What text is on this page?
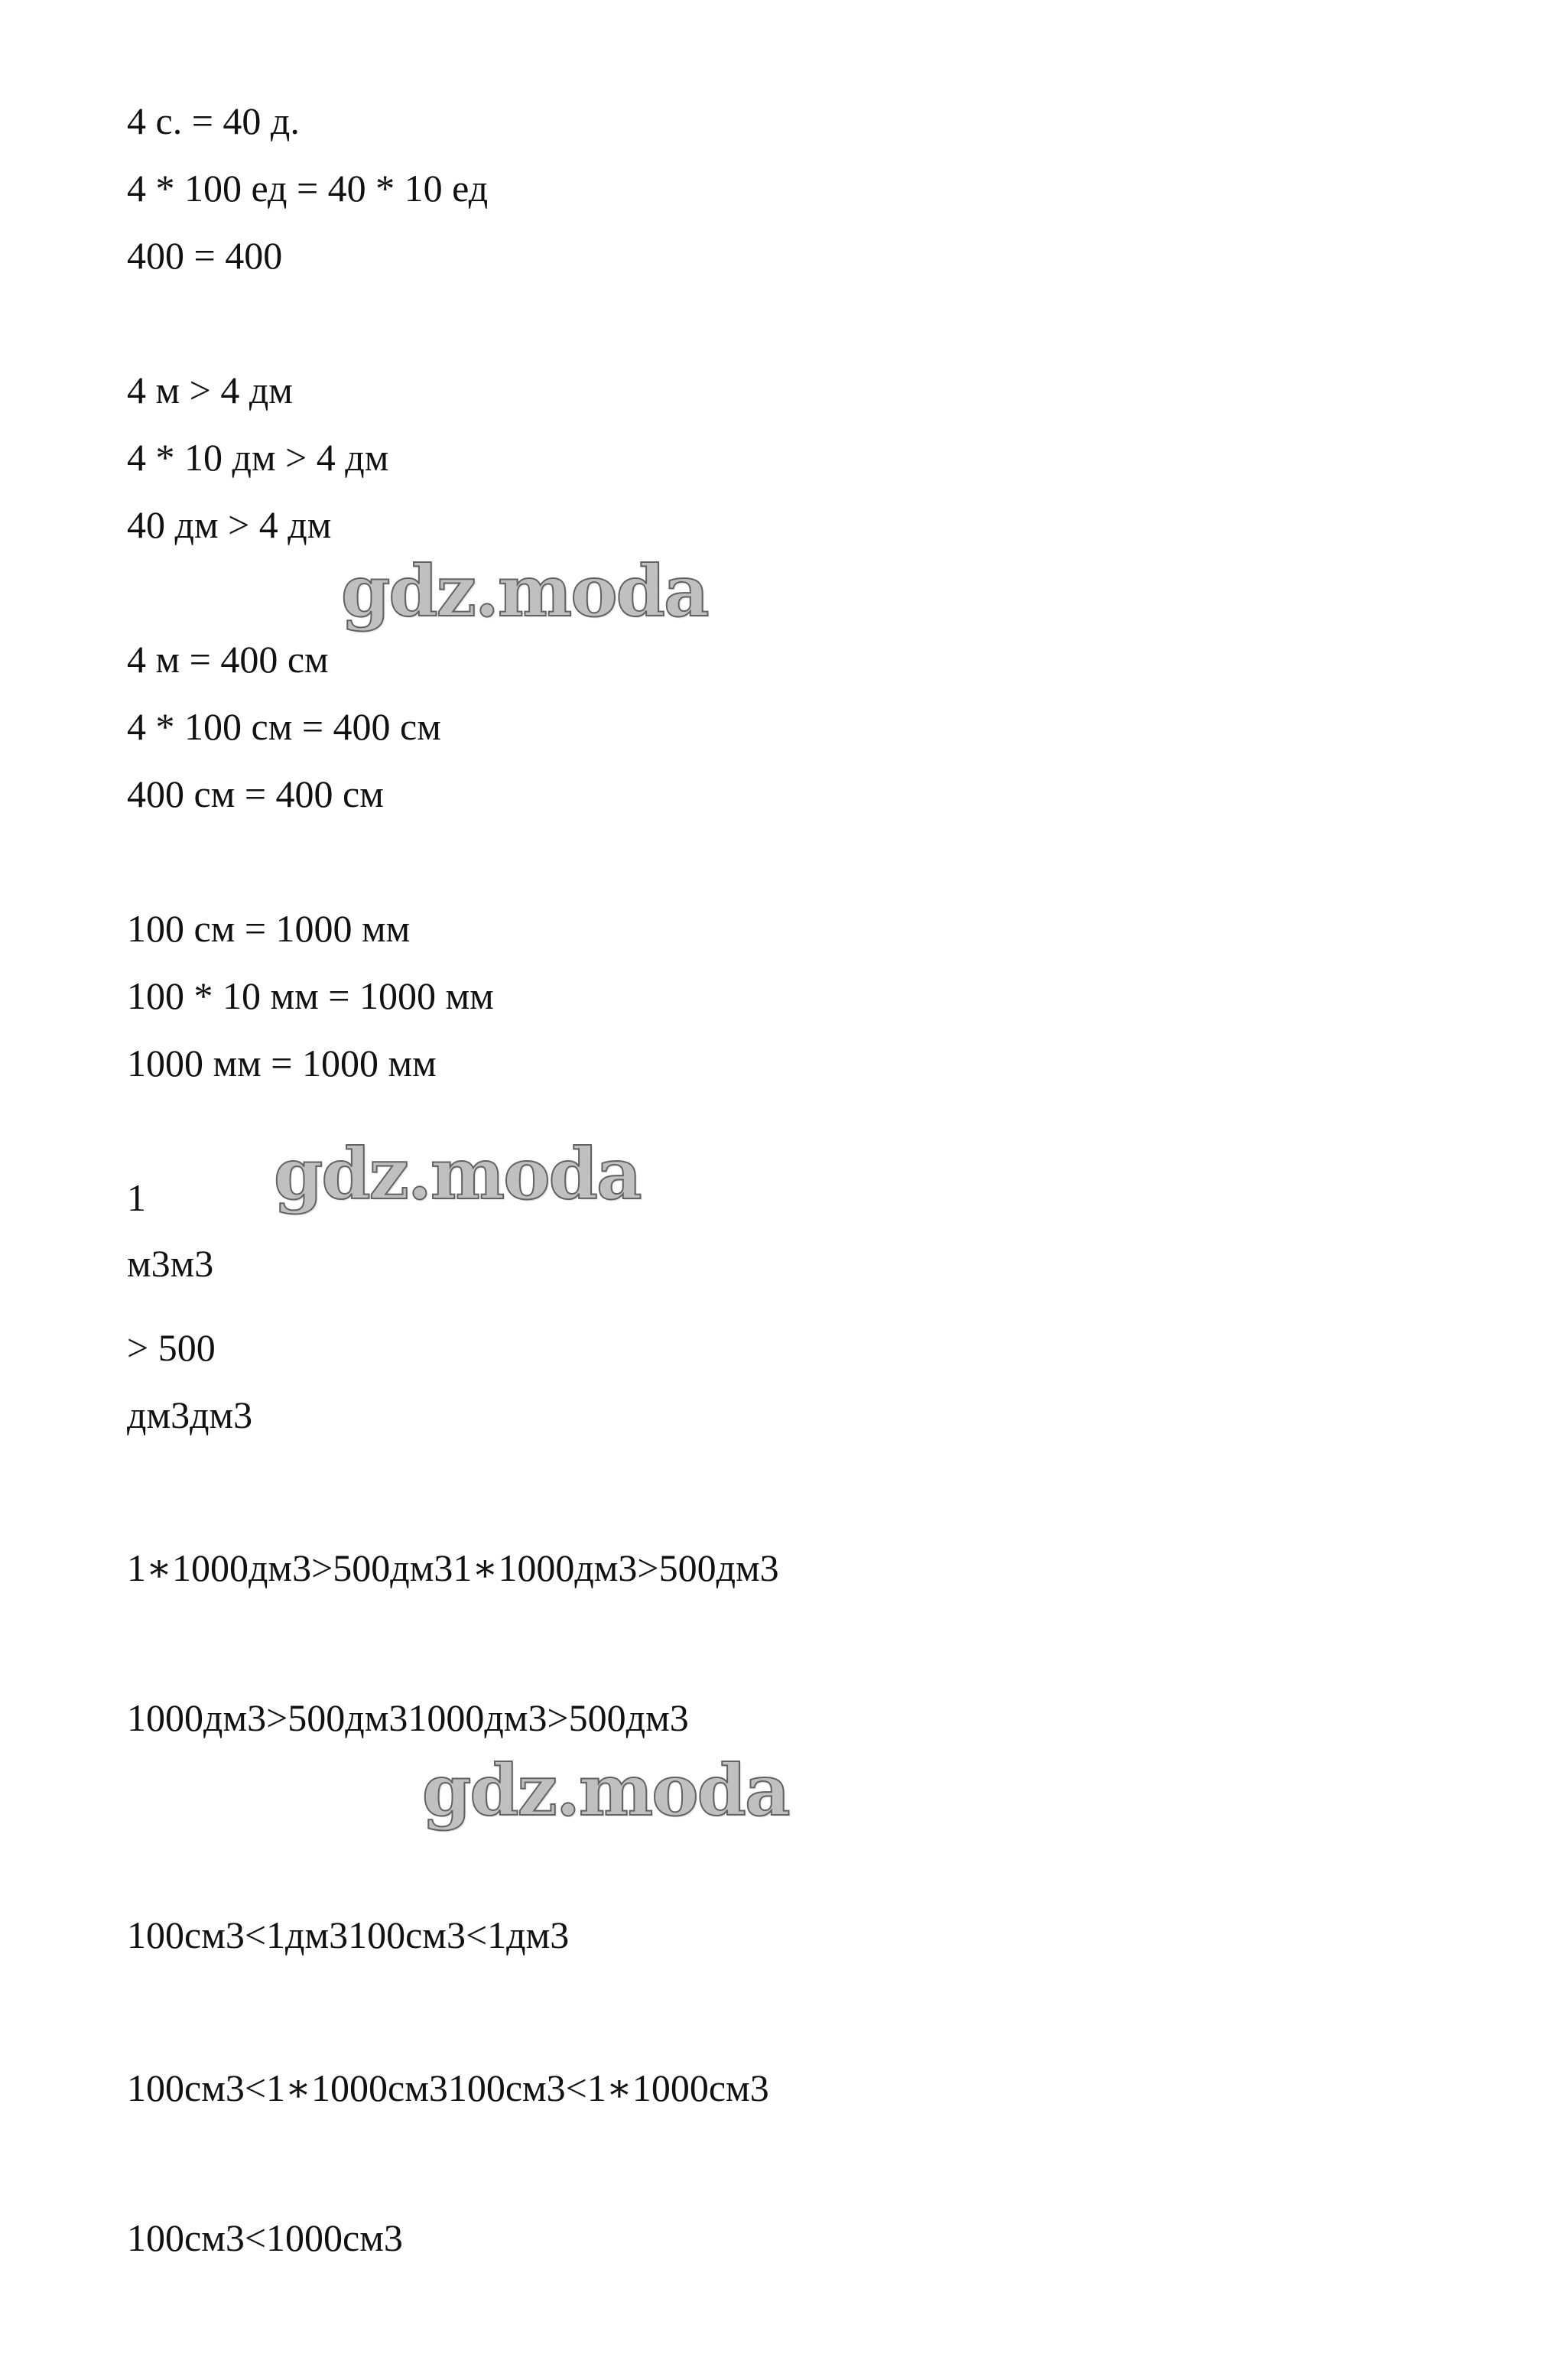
4 с. = 40 д.

4 * 100 ед = 40 * 10 ед

400 = 400

4 м > 4 дм

4 * 10 дм > 4 дм

40 дм > 4 дм

4 м = 400 см

4 * 100 см = 400 см

400 см = 400 см

100 см = 1000 мм

100 * 10 мм = 1000 мм

1000 мм = 1000 мм

1

м3м3

> 500

дм3дм3

1∗1000дм3>500дм31∗1000дм3>500дм3

1000дм3>500дм31000дм3>500дм3

100см3<1дм3100см3<1дм3

100см3<1∗1000см3100см3<1∗1000см3

100см3<1000см3

gdz.moda
gdz.moda
gdz.moda
